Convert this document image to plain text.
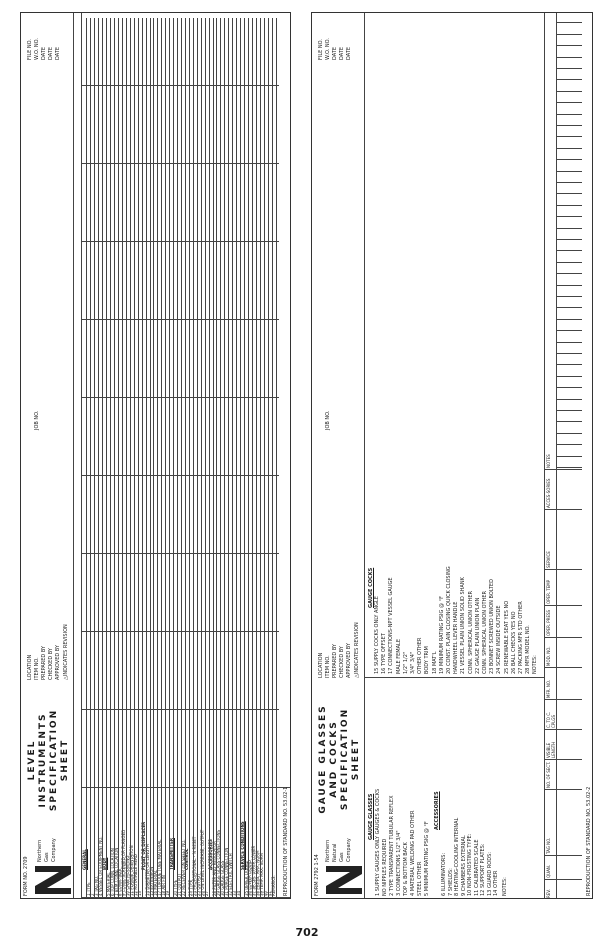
FORM NO. 2709
Northern Gas Company
LEVEL INSTRUMENTS SPECIFICATION SHEET
LOCATION ITEM NO. PREPARED BY CHECKED BY APPROVED BY △INDICATES REVISION
JOB NO.
FILE NO. W.O. NO. DATE DATE DATE
GENERAL
1 TYPE 2
3 TAG NO. 4 VESSEL OR EQUIPMENT NO.
BODY
5 MATERIAL 6 TOP CONN. LOCATION
7 BTM CONN. LOCATION
8 CONN.-SIZE 9 CONN.-SCREWED OR FLANGED
10 CASE MOUNTING 11 FLANGE ORIENTATION
12 ROTATABLE HEAD
13
FLOAT OR DISPLACER
14 DIAMETER OR LENGTH 15 EXTENSION
16 MATERIAL
17 TORQUE TUBE MATERIAL 18 AIR FIN
19
TRANSMITTER
20 TYPE
21 OUTPUT 22 RECEIVER ON SHEET NO.
CONTROL
23 TYPE 24 PROPORTIONAL - % RESET
25 OUTPUT 26 ON LEVEL INCREASE, OUTPUT
27
ACCESSORIES 28 FILTER AND REGULATOR
29 GAUGE GLASS CONNECTIONS 30 GAUGE GLASS
31 PURGE CONNECTION
32 ELECTRIC SWITCH 33
34
SERVICE CONDITIONS
35 UPPER LIQUID
36 LOWER LIQUID 37 SP. GR. UPPER LOWER
38 PRESS. MAX. NORM
39 TEMP. MAX. NORM 40
41 REMARKS: REPRODUCTION OF STANDARD NO. 53.02-1	FORM 2792 1-54
Northern Natural Gas Company
GAUGE GLASSES AND COCKS SPECIFICATION SHEET
LOCATION ITEM NO. PREPARED BY CHECKED BY APPROVED BY △INDICATES REVISION
JOB NO.
FILE NO. W.O. NO. DATE DATE DATE
GAUGE GLASSES 1 SUPPLY GAUGES ONLY GAUGES & COCKS NO NIPPLES REQUIRED 2 TYPE TRANSPARENT TUBULAR REFLEX 3 CONNECTIONS 1/2" 3/4" TOP & BOTTOM BACK 4 MATERIAL WELDING PAD OTHER STEEL OTHER 5 MINIMUM RATING PSIG @ °F
ACCESSORIES
6 ILLUMINATORS: 7 SHIELDS: 8 HEATING-COOLING INTERNAL 9 CHAMBERS EXTERNAL 10 NON-FROSTING TYPE: 11 CALIBRATED SCALE 12 SUPPORT PLATES: 13 GUARD RODS: 14 OTHER NOTES:
GAUGE COCKS
15 SUPPLY COCKS ONLY ANGLE 16 TYPE OFFSET 17 CONNECTIONS-NPT VESSEL GAUGE MALE FEMALE 1/2" 1/2" 3/4" 3/4" OTHER OTHER BODY TRIM 18 MAT'L 19 MINIMUM RATING PSIG @ °F 20 CONST. PLAIN CLOSING QUICK CLOSING HANDWHEEL LEVER HANDLE 21 VESSEL PLAIN UNION SOLID SHANK CONN. SPHERICAL UNION OTHER 22 GAUGE PLAIN UNION PLAIN CONN. SPHERICAL UNION OTHER 23 BONNET SCREWED UNION BOLTED 24 SCREW INSIDE OUTSIDE 25 RENEWABLE SEAT YES NO 26 BALL CHECKS YES NO 27 PACKING MFR STD OTHER 28 MFR MODEL NO. NOTES:
REV.
QUAN.
TAG NO.
NO. OF SECT.
VISIBLE LENGTH
C. TO C. CPLGS
MFR. NO.
MOD. NO.
OPER. PRESS
OPER. TEMP
SERVICE
ACCES-SORIES
NOTES
REPRODUCTION OF STANDARD NO. 53.02-2
702
